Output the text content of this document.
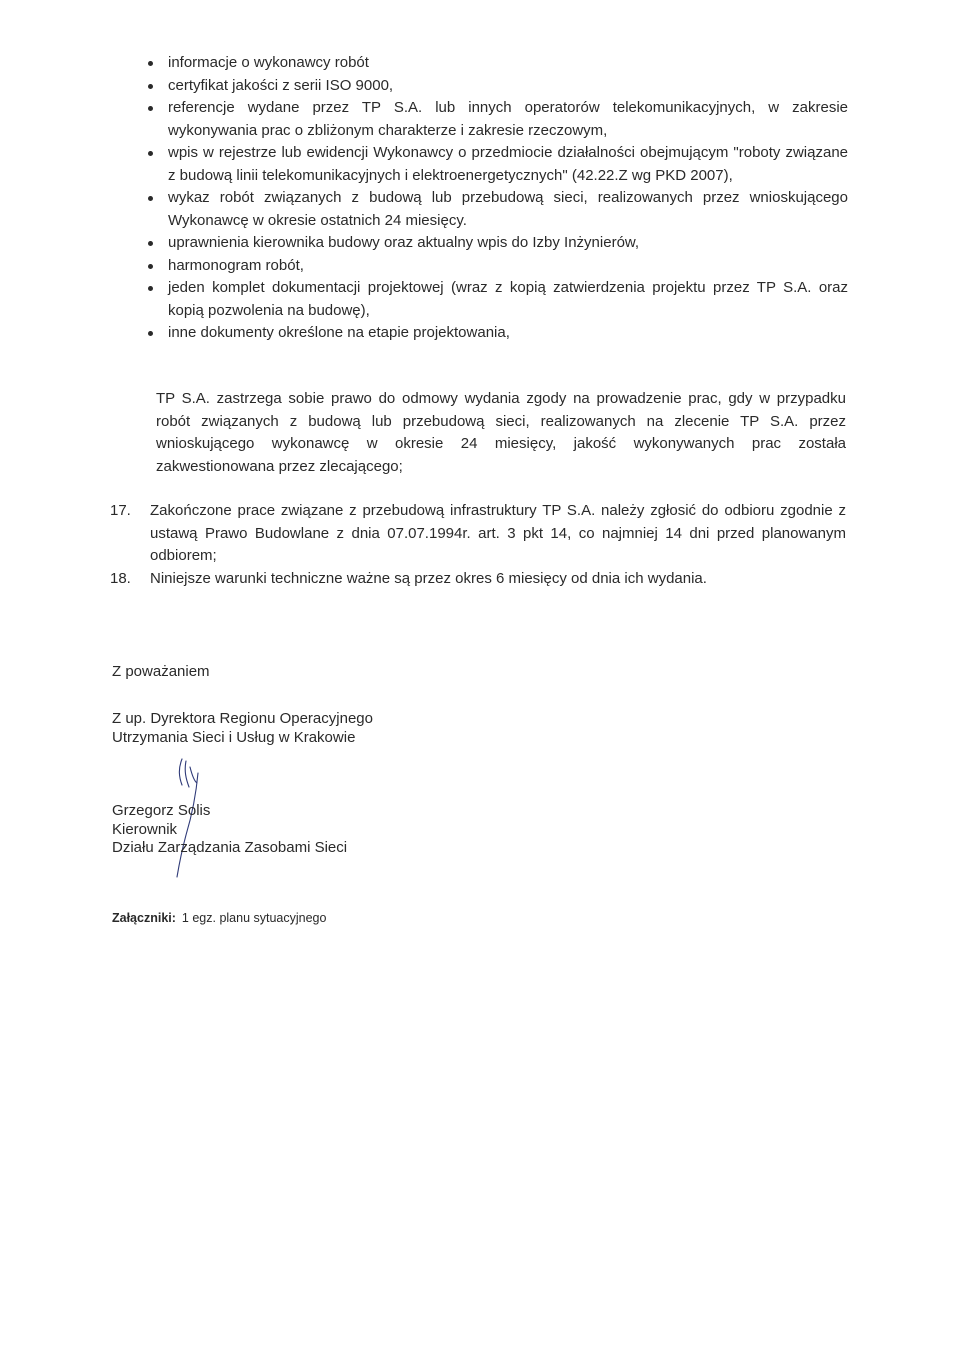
informacje o wykonawcy robót
certyfikat jakości z serii ISO 9000,
referencje wydane przez TP S.A. lub innych operatorów telekomunikacyjnych, w zakresie wykonywania prac o zbliżonym charakterze i zakresie rzeczowym,
wpis w rejestrze lub ewidencji Wykonawcy o przedmiocie działalności obejmującym "roboty związane z budową linii telekomunikacyjnych i elektroenergetycznych" (42.22.Z wg PKD 2007),
wykaz robót związanych z budową lub przebudową sieci, realizowanych przez wnioskującego Wykonawcę w okresie ostatnich 24 miesięcy.
uprawnienia kierownika budowy oraz aktualny wpis do Izby Inżynierów,
harmonogram robót,
jeden komplet dokumentacji projektowej (wraz z kopią zatwierdzenia projektu przez TP S.A. oraz kopią pozwolenia na budowę),
inne dokumenty określone na etapie projektowania,

TP S.A. zastrzega sobie prawo do odmowy wydania zgody na prowadzenie prac, gdy w przypadku robót związanych z budową lub przebudową sieci, realizowanych na zlecenie TP S.A. przez wnioskującego wykonawcę w okresie 24 miesięcy, jakość wykonywanych prac została zakwestionowana przez zlecającego;

17. Zakończone prace związane z przebudową infrastruktury TP S.A. należy zgłosić do odbioru zgodnie z ustawą Prawo Budowlane z dnia 07.07.1994r. art. 3 pkt 14, co najmniej 14 dni przed planowanym odbiorem;
18. Niniejsze warunki techniczne ważne są przez okres 6 miesięcy od dnia ich wydania.

Z poważaniem

Z up. Dyrektora Regionu Operacyjnego
Utrzymania Sieci i Usług w Krakowie

Grzegorz Solis
Kierownik
Działu Zarządzania Zasobami Sieci

Załączniki: 1 egz. planu sytuacyjnego
